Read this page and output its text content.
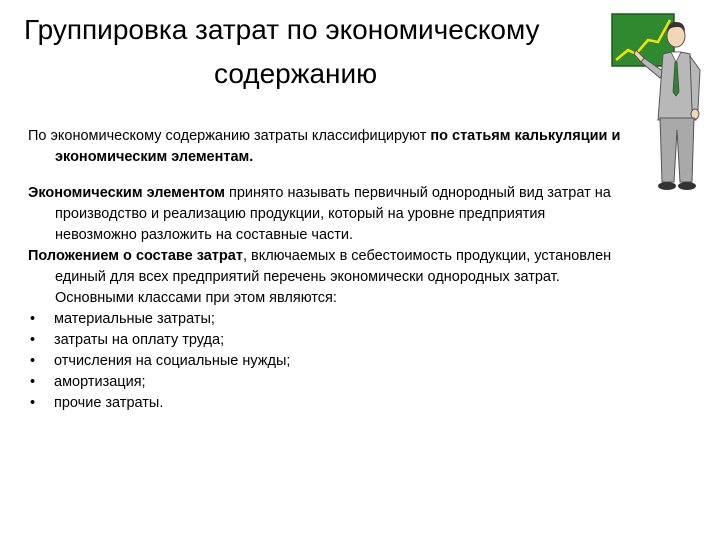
Группировка затрат по экономическому
содержанию

По экономическому содержанию затраты классифицируют по статьям калькуляции и экономическим элементам.

Экономическим элементом принято называть первичный однородный вид затрат на производство и реализацию продукции, который на уровне предприятия невозможно разложить на составные части.

Положением о составе затрат, включаемых в себестоимость продукции, установлен единый для всех предприятий перечень экономически однородных затрат. Основными классами при этом являются:

• материальные затраты;
• затраты на оплату труда;
• отчисления на социальные нужды;
• амортизация;
• прочие затраты.
